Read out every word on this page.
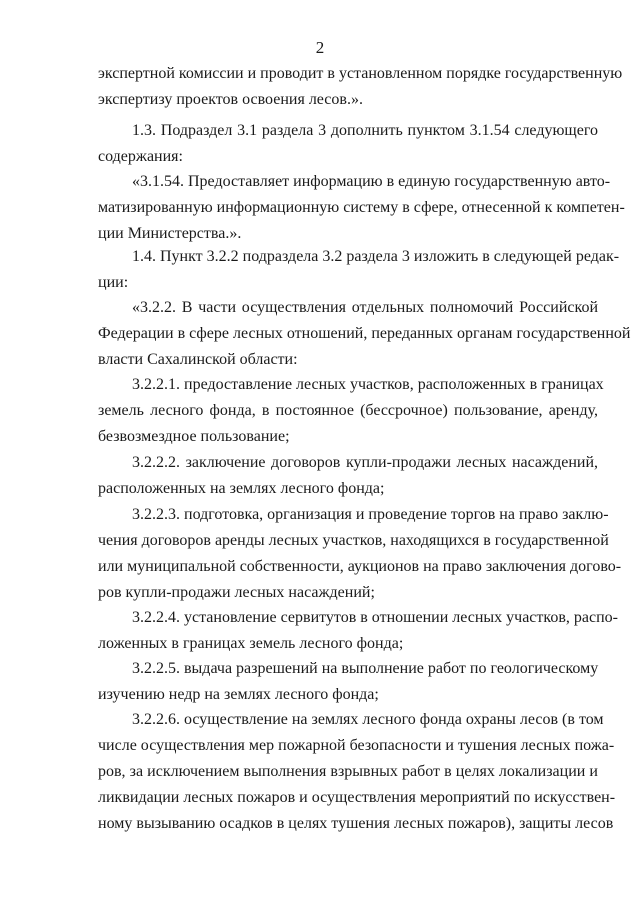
2
экспертной комиссии и проводит в установленном порядке государственную
экспертизу проектов освоения лесов.».
1.3. Подраздел 3.1 раздела 3 дополнить пунктом 3.1.54 следующего
содержания:
«3.1.54. Предоставляет информацию в единую государственную авто-
матизированную информационную систему в сфере, отнесенной к компетен-
ции Министерства.».
1.4. Пункт 3.2.2 подраздела 3.2 раздела 3 изложить в следующей редак-
ции:
«3.2.2. В части осуществления отдельных полномочий Российской
Федерации в сфере лесных отношений, переданных органам государственной
власти Сахалинской области:
3.2.2.1. предоставление лесных участков, расположенных в границах
земель лесного фонда, в постоянное (бессрочное) пользование, аренду,
безвозмездное пользование;
3.2.2.2. заключение договоров купли-продажи лесных насаждений,
расположенных на землях лесного фонда;
3.2.2.3. подготовка, организация и проведение торгов на право заклю-
чения договоров аренды лесных участков, находящихся в государственной
или муниципальной собственности, аукционов на право заключения догово-
ров купли-продажи лесных насаждений;
3.2.2.4. установление сервитутов в отношении лесных участков, распо-
ложенных в границах земель лесного фонда;
3.2.2.5. выдача разрешений на выполнение работ по геологическому
изучению недр на землях лесного фонда;
3.2.2.6. осуществление на землях лесного фонда охраны лесов (в том
числе осуществления мер пожарной безопасности и тушения лесных пожа-
ров, за исключением выполнения взрывных работ в целях локализации и
ликвидации лесных пожаров и осуществления мероприятий по искусствен-
ному вызыванию осадков в целях тушения лесных пожаров), защиты лесов
